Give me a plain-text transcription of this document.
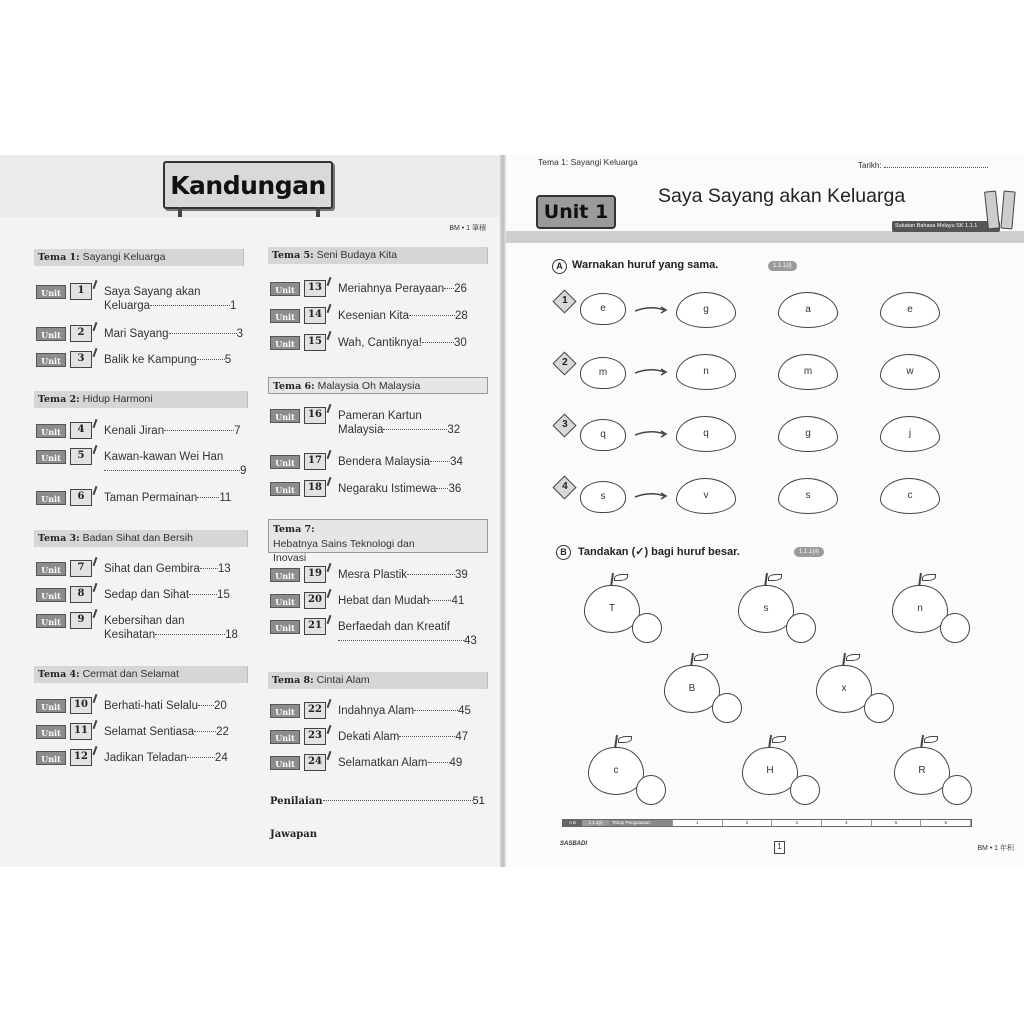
Kandungan
BM • 1 筆積
Tema 1: Sayangi Keluarga
Unit	1	Saya Sayang akan
Keluarga	1
Unit	2	Mari Sayang	3
Unit	3	Balik ke Kampung 5
Tema 2: Hidup Harmoni
Unit	4	Kenali Jiran	7
Unit	5	Kawan-kawan Wei Han
9
Unit	6	Taman Permainan 11
Tema 3: Badan Sihat dan Bersih
Unit	7	Sihat dan Gembira 13
Unit	8	Sedap dan Sihat 15
Unit	9	Kebersihan dan
Kesihatan	18
Tema 4: Cermat dan Selamat
Unit	10	Berhati-hati Selalu 20
Unit	11	Selamat Sentiasa 22
Unit	12	Jadikan Teladan 24
Tema 5: Seni Budaya Kita
Unit	13	Meriahnya Perayaan 26
Unit	14	Kesenian Kita	28
Unit	15	Wah, Cantiknya!	30
Tema 6: Malaysia Oh Malaysia
Unit	16	Pameran Kartun
Malaysia	32
Unit	17	Bendera Malaysia 34
Unit	18	Negaraku Istimewa 36
Tema 7: Hebatnya Sains Teknologi dan Inovasi
Unit	19	Mesra Plastik	39
Unit	20	Hebat dan Mudah 41
Unit	21	Berfaedah dan Kreatif
43
Tema 8: Cintai Alam
Unit	22	Indahnya Alam	45
Unit	23	Dekati Alam	47
Unit	24	Selamatkan Alam 49
Penilaian	51
Jawapan
Tema 1: Sayangi Keluarga	Tarikh:
Unit 1
Saya Sayang akan Keluarga
Sukatan Bahasa Melayu SK 1.1.1
A Warnakan huruf yang sama.	1.1.1(i)
1
e	g	a	e
2
m	n	m	w
3
q	q	g	j
4
s	v	s	c
B	Tandakan (✓) bagi huruf besar.	1.1.1(ii)
T	s	n
B	x
c	H	R
A B	1.1.1(i)	Tahap Penguasaan	1	2	3	4	5	6
SASBADI	1	BM • 1 年积
